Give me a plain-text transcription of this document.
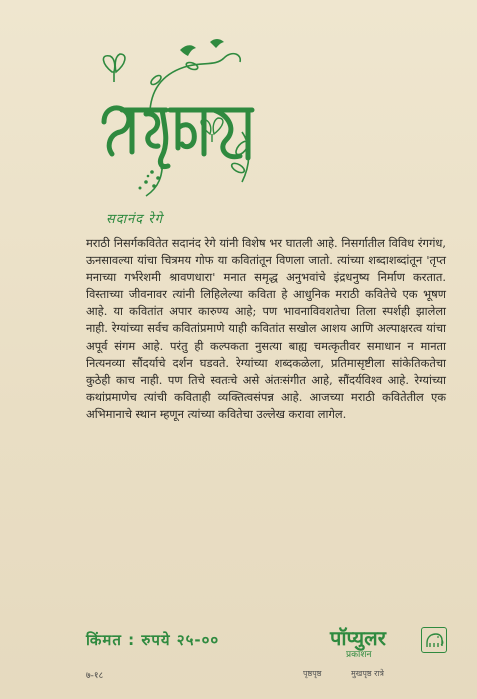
अक्षरवेल
सदानंद रेगे

मराठी निसर्गकवितेत सदानंद रेगे यांनी विशेष भर घातली आहे. निसर्गातील विविध रंगगंध, ऊनसावल्या यांचा चित्रमय गोफ या कवितांतून विणला जातो. त्यांच्या शब्दाशब्दांतून 'तृप्त मनाच्या गर्भरेशमी श्रावणधारा' मनात समृद्ध अनुभवांचे इंद्रधनुष्य निर्माण करतात. विस्ताच्या जीवनावर त्यांनी लिहिलेल्या कविता हे आधुनिक मराठी कवितेचे एक भूषण आहे. या कवितांत अपार कारुण्य आहे; पण भावनाविवशतेचा तिला स्पर्शही झालेला नाही. रेग्यांच्या सर्वच कवितांप्रमाणे याही कवितांत सखोल आशय आणि अल्पाक्षरत्व यांचा अपूर्व संगम आहे. परंतु ही कल्पकता नुसत्या बाह्य चमत्कृतीवर समाधान न मानता नित्यनव्या सौंदर्याचे दर्शन घडवते. रेग्यांच्या शब्दकळेला, प्रतिमासृष्टीला सांकेतिकतेचा कुठेही काच नाही. पण तिचे स्वतःचे असे अंतःसंगीत आहे, सौंदर्यविश्व आहे. रेग्यांच्या कथांप्रमाणेच त्यांची कविताही व्यक्तित्वसंपन्न आहे. आजच्या मराठी कवितेतील एक अभिमानाचे स्थान म्हणून त्यांच्या कवितेचा उल्लेख करावा लागेल.

किंमत : रुपये २५-००	पॉप्युलर
प्रकाशन
७-१८	पृष्ठपृष्ठ	मुखपृष्ठ रात्रे
